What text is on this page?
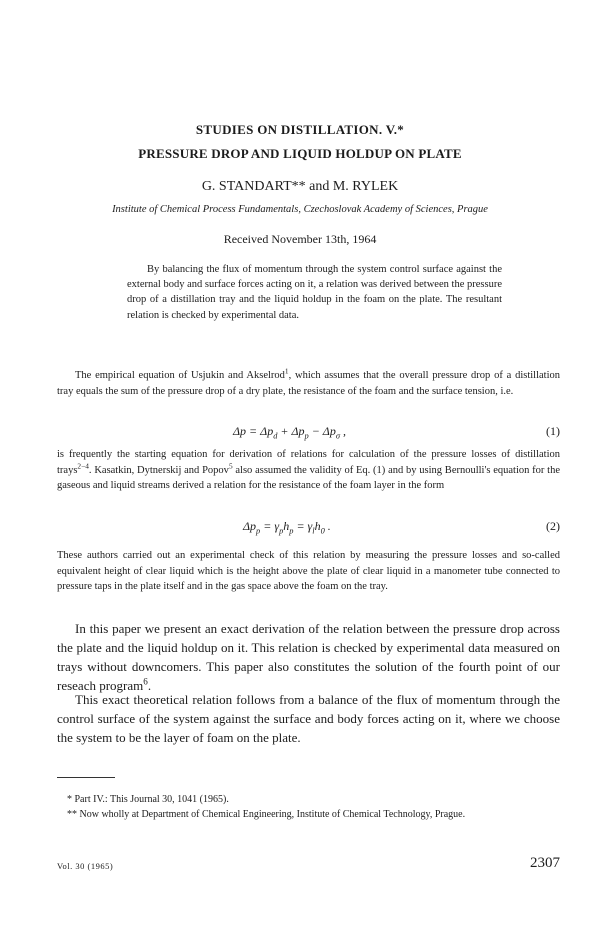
STUDIES ON DISTILLATION. V.*
PRESSURE DROP AND LIQUID HOLDUP ON PLATE
G. STANDART** and M. RYLEK
Institute of Chemical Process Fundamentals, Czechoslovak Academy of Sciences, Prague
Received November 13th, 1964

By balancing the flux of momentum through the system control surface against the external body and surface forces acting on it, a relation was derived between the pressure drop of a distillation tray and the liquid holdup in the foam on the plate. The resultant relation is checked by experimental data.

The empirical equation of Usjukin and Akselrod$^1$, which assumes that the overall pressure drop of a distillation tray equals the sum of the pressure drop of a dry plate, the resistance of the foam and the surface tension, i.e.

$\Delta p = \Delta p_d + \Delta p_p - \Delta p_\sigma$ ,	(1)

is frequently the starting equation for derivation of relations for calculation of the pressure losses of distillation trays$^{2-4}$. Kasatkin, Dytnerskij and Popov$^5$ also assumed the validity of Eq. (1) and by using Bernoulli's equation for the gaseous and liquid streams derived a relation for the resistance of the foam layer in the form

$\Delta p_p = \gamma_ph_p = \gamma_lh_0$ .	(2)

These authors carried out an experimental check of this relation by measuring the pressure losses and so-called equivalent height of clear liquid which is the height above the plate of clear liquid in a manometer tube connected to pressure taps in the plate itself and in the gas space above the foam on the tray.

In this paper we present an exact derivation of the relation between the pressure drop across the plate and the liquid holdup on it. This relation is checked by experimental data measured on trays without downcomers. This paper also constitutes the solution of the fourth point of our reseach program$^6$.

This exact theoretical relation follows from a balance of the flux of momentum through the control surface of the system against the surface and body forces acting on it, where we choose the system to be the layer of foam on the plate.

* Part IV.: This Journal 30, 1041 (1965).

** Now wholly at Department of Chemical Engineering, Institute of Chemical Technology, Prague.

Vol. 30 (1965)	2307
